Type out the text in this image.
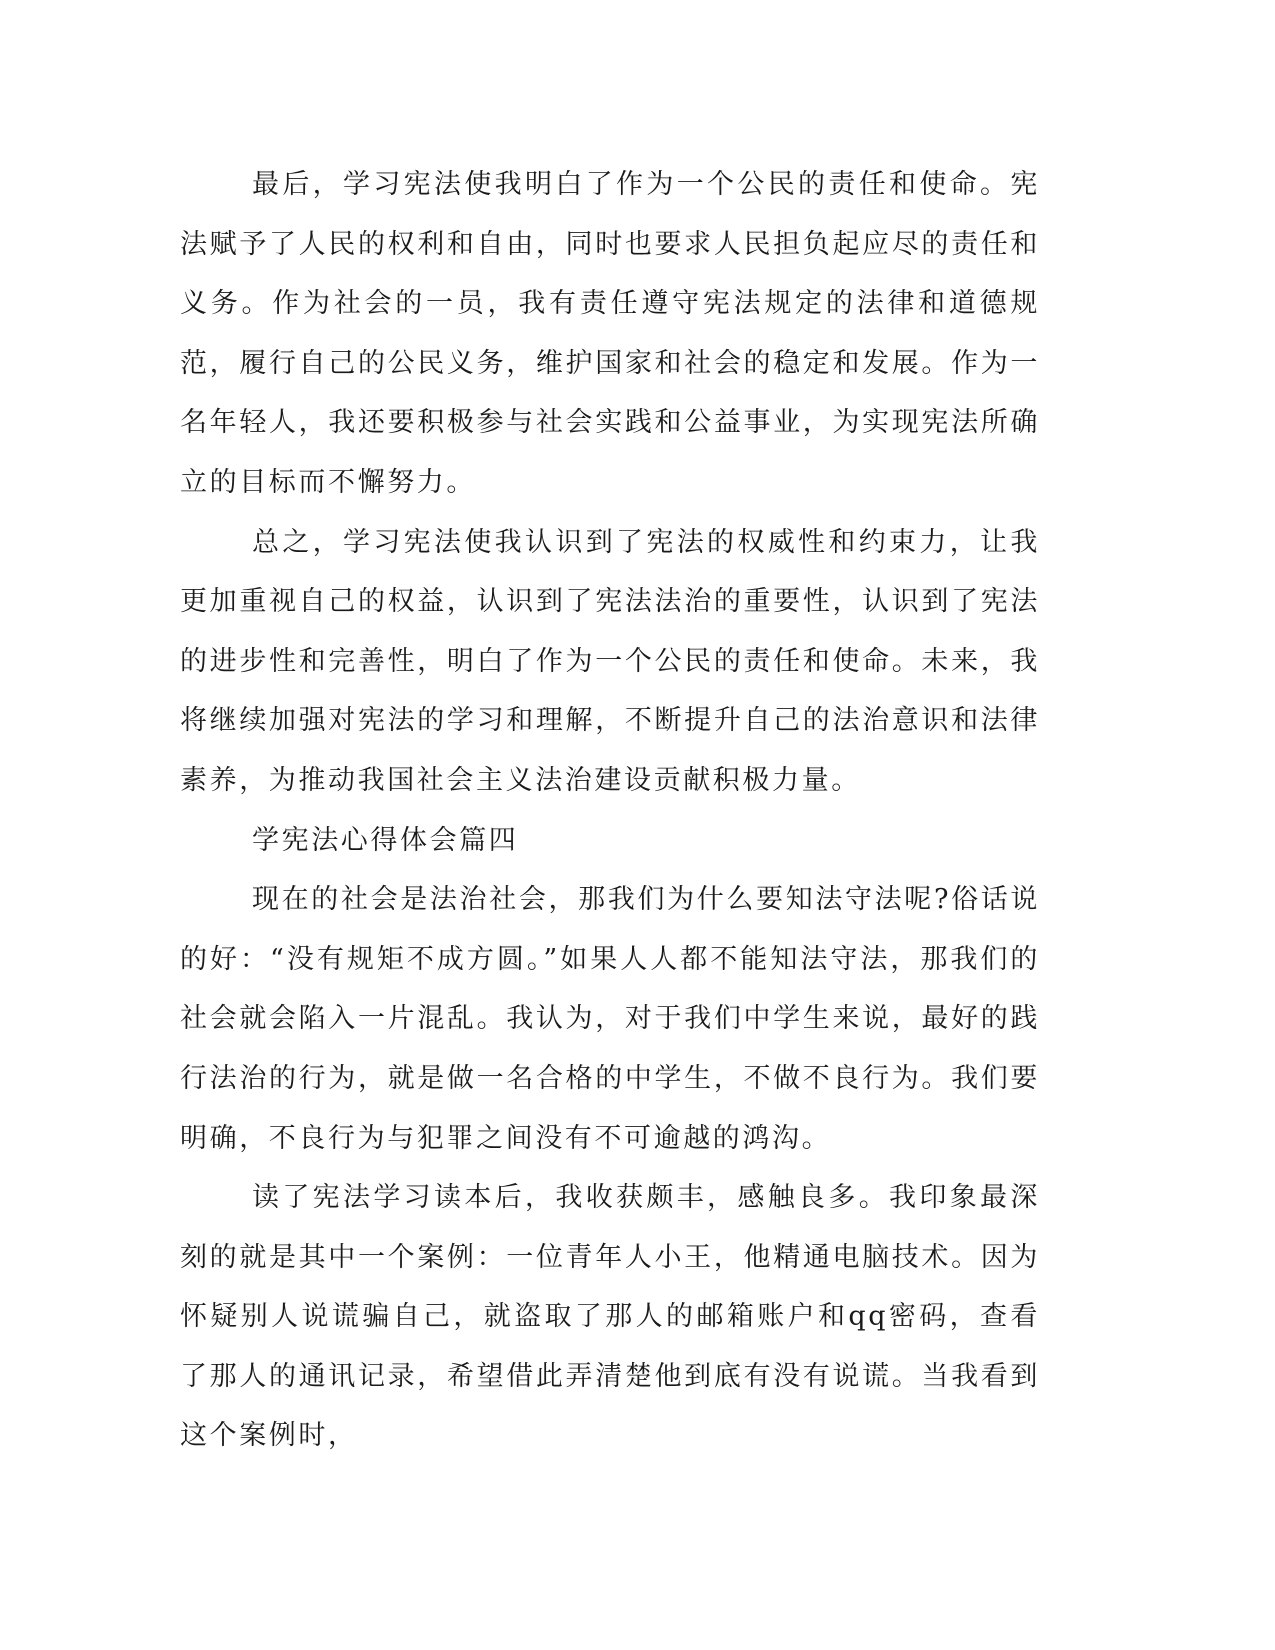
最后，学习宪法使我明白了作为一个公民的责任和使命。宪法赋予了人民的权利和自由，同时也要求人民担负起应尽的责任和义务。作为社会的一员，我有责任遵守宪法规定的法律和道德规范，履行自己的公民义务，维护国家和社会的稳定和发展。作为一名年轻人，我还要积极参与社会实践和公益事业，为实现宪法所确立的目标而不懈努力。

总之，学习宪法使我认识到了宪法的权威性和约束力，让我更加重视自己的权益，认识到了宪法法治的重要性，认识到了宪法的进步性和完善性，明白了作为一个公民的责任和使命。未来，我将继续加强对宪法的学习和理解，不断提升自己的法治意识和法律素养，为推动我国社会主义法治建设贡献积极力量。

学宪法心得体会篇四

现在的社会是法治社会，那我们为什么要知法守法呢?俗话说的好：“没有规矩不成方圆。”如果人人都不能知法守法，那我们的社会就会陷入一片混乱。我认为，对于我们中学生来说，最好的践行法治的行为，就是做一名合格的中学生，不做不良行为。我们要明确，不良行为与犯罪之间没有不可逾越的鸿沟。

读了宪法学习读本后，我收获颇丰，感触良多。我印象最深刻的就是其中一个案例：一位青年人小王，他精通电脑技术。因为怀疑别人说谎骗自己，就盗取了那人的邮箱账户和qq密码，查看了那人的通讯记录，希望借此弄清楚他到底有没有说谎。当我看到这个案例时，
